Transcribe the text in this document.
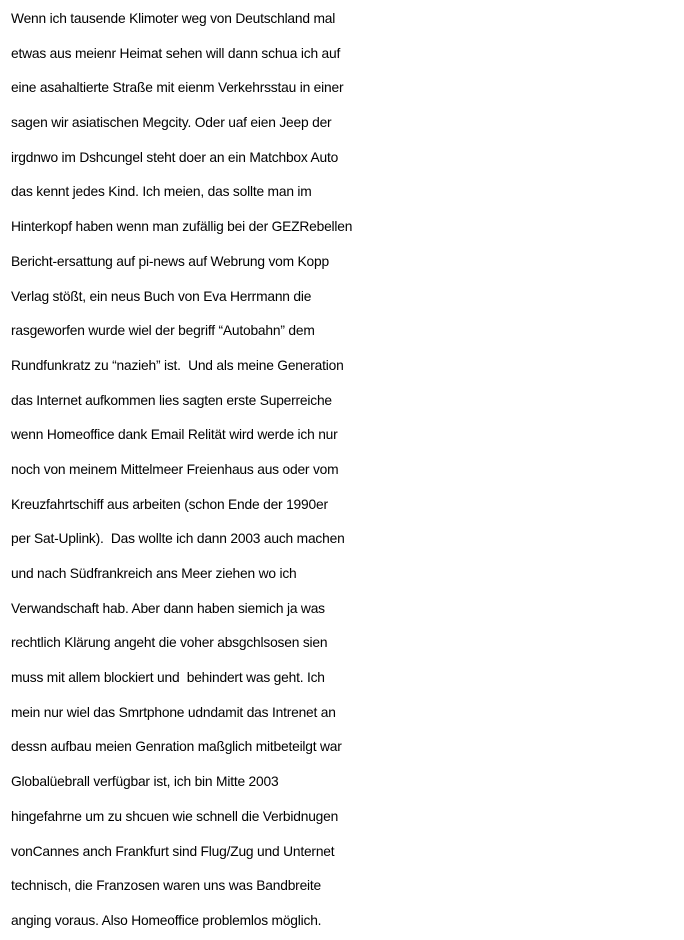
Wenn ich tausende Klimoter weg von Deutschland mal
etwas aus meienr Heimat sehen will dann schua ich auf
eine asahaltierte Straße mit eienm Verkehrsstau in einer
sagen wir asiatischen Megcity. Oder uaf eien Jeep der
irgdnwo im Dshcungel steht doer an ein Matchbox Auto
das kennt jedes Kind. Ich meien, das sollte man im
Hinterkopf haben wenn man zufällig bei der GEZRebellen
Bericht-ersattung auf pi-news auf Webrung vom Kopp
Verlag stößt, ein neus Buch von Eva Herrmann die
rasgeworfen wurde wiel der begriff “Autobahn” dem
Rundfunkratz zu “nazieh” ist.  Und als meine Generation
das Internet aufkommen lies sagten erste Superreiche
wenn Homeoffice dank Email Relität wird werde ich nur
noch von meinem Mittelmeer Freienhaus aus oder vom
Kreuzfahrtschiff aus arbeiten (schon Ende der 1990er
per Sat-Uplink).  Das wollte ich dann 2003 auch machen
und nach Südfrankreich ans Meer ziehen wo ich
Verwandschaft hab. Aber dann haben siemich ja was
rechtlich Klärung angeht die voher absgchlsosen sien
muss mit allem blockiert und  behindert was geht. Ich
mein nur wiel das Smrtphone udndamit das Intrenet an
dessn aufbau meien Genration maßglich mitbeteilgt war
Globalüebrall verfügbar ist, ich bin Mitte 2003
hingefahrne um zu shcuen wie schnell die Verbidnugen
vonCannes anch Frankfurt sind Flug/Zug und Unternet
technisch, die Franzosen waren uns was Bandbreite
anging voraus. Also Homeoffice problemlos möglich.
